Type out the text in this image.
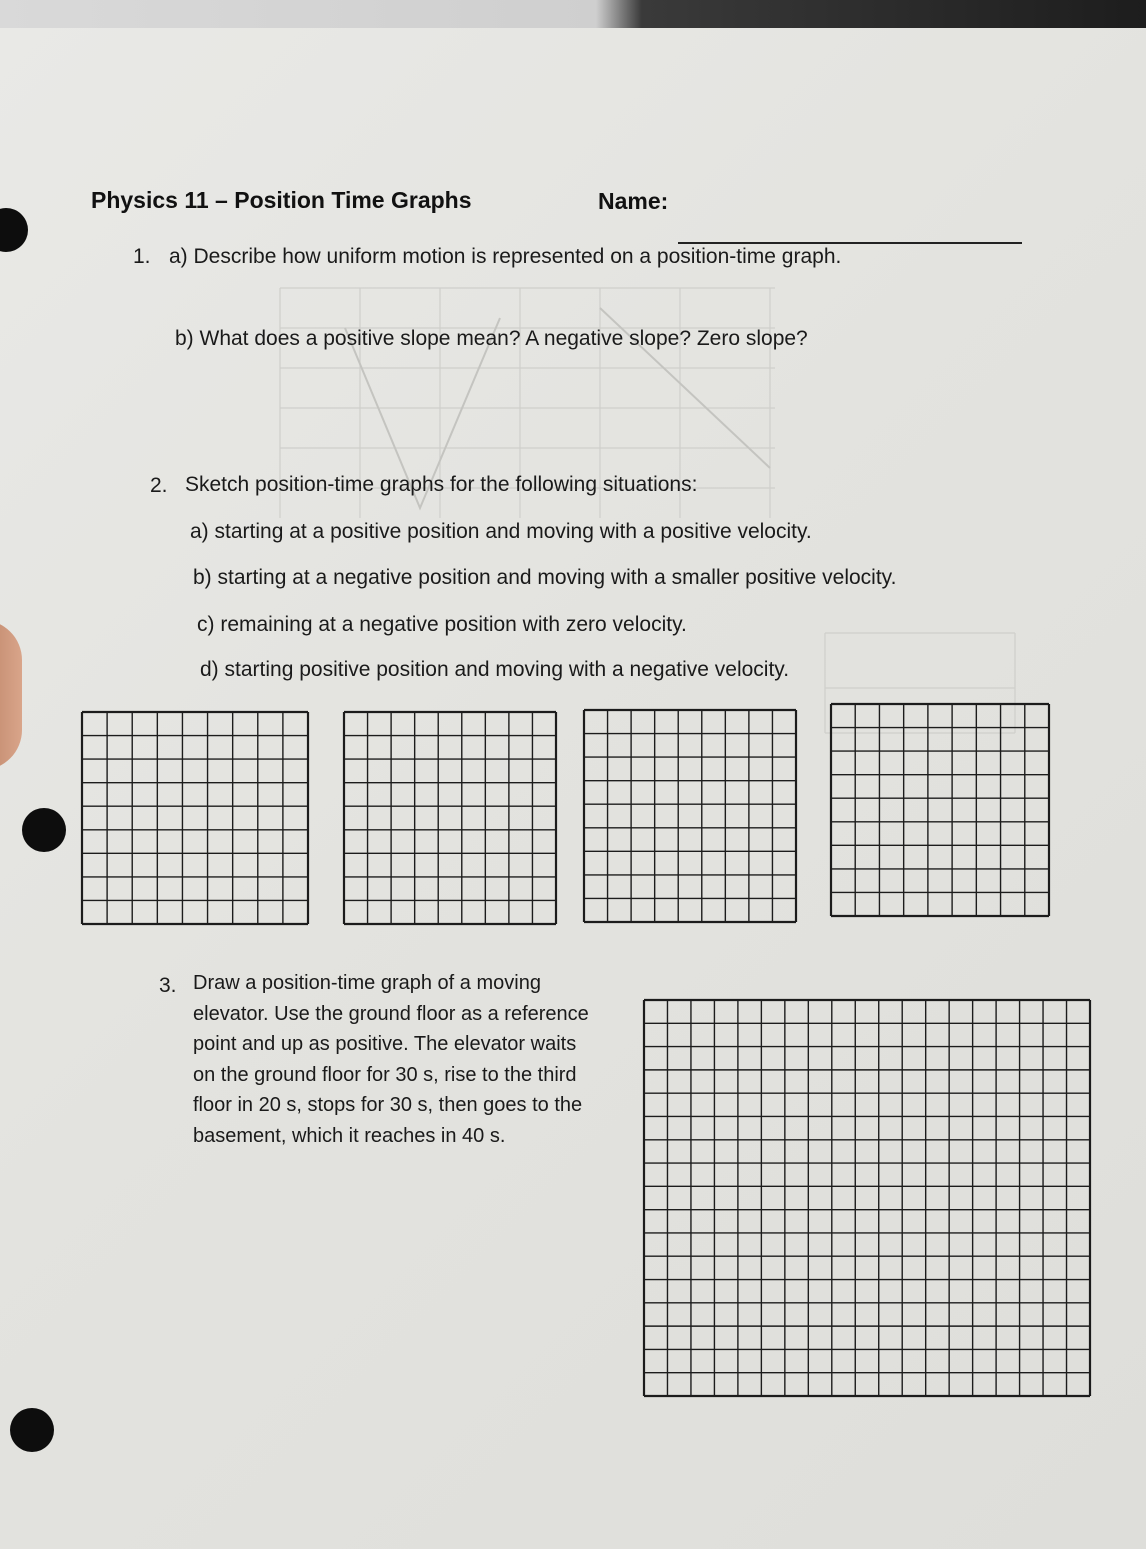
Physics 11 – Position Time Graphs	Name:
1. a) Describe how uniform motion is represented on a position-time graph.
b) What does a positive slope mean? A negative slope? Zero slope?
2. Sketch position-time graphs for the following situations:
a) starting at a positive position and moving with a positive velocity.
b) starting at a negative position and moving with a smaller positive velocity.
c) remaining at a negative position with zero velocity.
d) starting positive position and moving with a negative velocity.
3. Draw a position-time graph of a moving
elevator. Use the ground floor as a reference
point and up as positive. The elevator waits
on the ground floor for 30 s, rise to the third
floor in 20 s, stops for 30 s, then goes to the
basement, which it reaches in 40 s.
